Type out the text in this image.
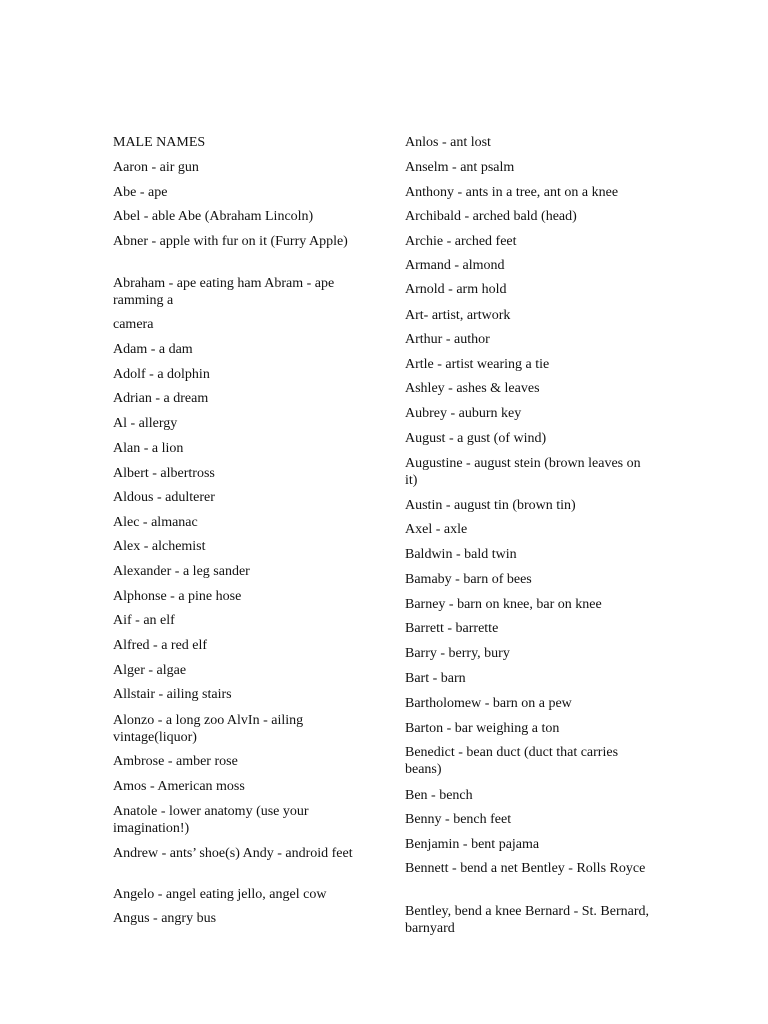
MALE NAMES
Aaron - air gun
Abe - ape
Abel - able Abe (Abraham Lincoln)
Abner - apple with fur on it (Furry Apple)
Abraham - ape eating ham Abram - ape ramming a
camera
Adam - a dam
Adolf - a dolphin
Adrian - a dream
Al - allergy
Alan - a lion
Albert - albertross
Aldous - adulterer
Alec - almanac
Alex - alchemist
Alexander - a leg sander
Alphonse - a pine hose
Aif - an elf
Alfred - a red elf
Alger - algae
Allstair - ailing stairs
Alonzo - a long zoo AlvIn - ailing vintage(liquor)
Ambrose - amber rose
Amos - American moss
Anatole - lower anatomy (use your imagination!)
Andrew - ants’ shoe(s) Andy - android feet
Angelo - angel eating jello, angel cow
Angus - angry bus
Anlos - ant lost
Anselm - ant psalm
Anthony - ants in a tree, ant on a knee
Archibald - arched bald (head)
Archie - arched feet
Armand - almond
Arnold - arm hold
Art- artist, artwork
Arthur - author
Artle - artist wearing a tie
Ashley - ashes & leaves
Aubrey - auburn key
August - a gust (of wind)
Augustine - august stein (brown leaves on it)
Austin - august tin (brown tin)
Axel - axle
Baldwin - bald twin
Bamaby - barn of bees
Barney - barn on knee, bar on knee
Barrett - barrette
Barry - berry, bury
Bart - barn
Bartholomew - barn on a pew
Barton - bar weighing a ton
Benedict - bean duct (duct that carries beans)
Ben - bench
Benny - bench feet
Benjamin - bent pajama
Bennett - bend a net Bentley - Rolls Royce
Bentley, bend a knee Bernard - St. Bernard, barnyard
